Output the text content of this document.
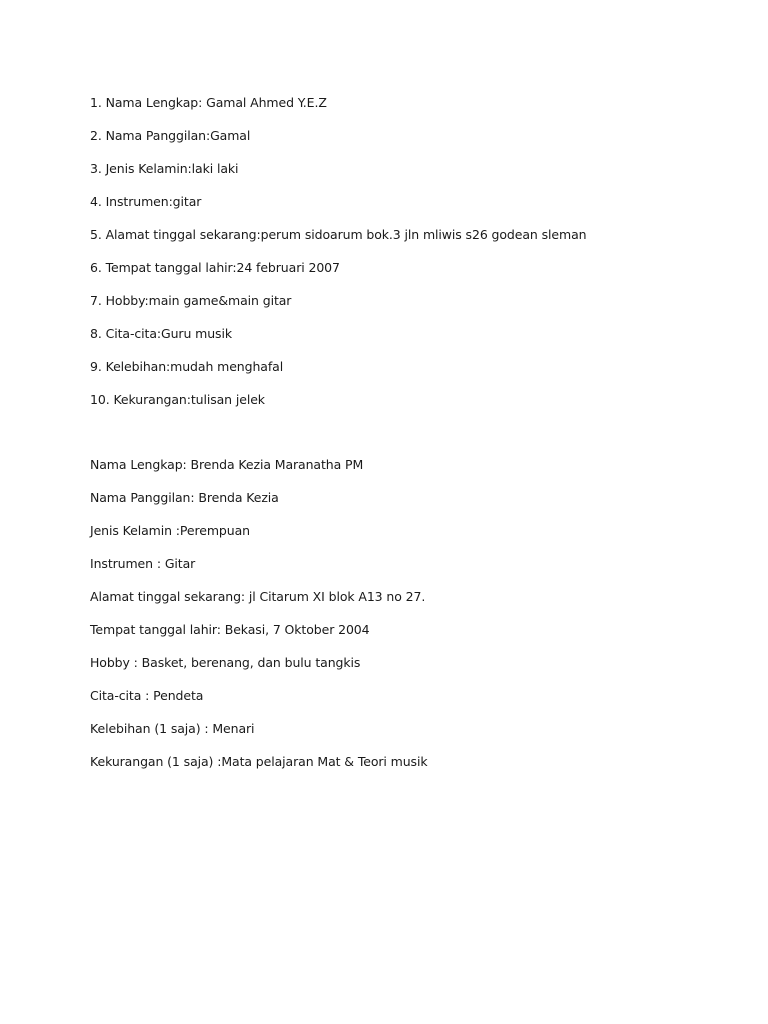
1. Nama Lengkap: Gamal Ahmed Y.E.Z
2. Nama Panggilan:Gamal
3. Jenis Kelamin:laki laki
4. Instrumen:gitar
5. Alamat tinggal sekarang:perum sidoarum bok.3 jln mliwis s26 godean sleman
6. Tempat tanggal lahir:24 februari 2007
7. Hobby:main game&main gitar
8. Cita-cita:Guru musik
9. Kelebihan:mudah menghafal
10. Kekurangan:tulisan jelek
Nama Lengkap: Brenda Kezia Maranatha PM
Nama Panggilan: Brenda Kezia
Jenis Kelamin :Perempuan
Instrumen : Gitar
Alamat tinggal sekarang: jl Citarum XI blok A13 no 27.
Tempat tanggal lahir: Bekasi, 7 Oktober 2004
Hobby : Basket, berenang, dan bulu tangkis
Cita-cita : Pendeta
Kelebihan (1 saja) : Menari
Kekurangan (1 saja) :Mata pelajaran Mat & Teori musik
